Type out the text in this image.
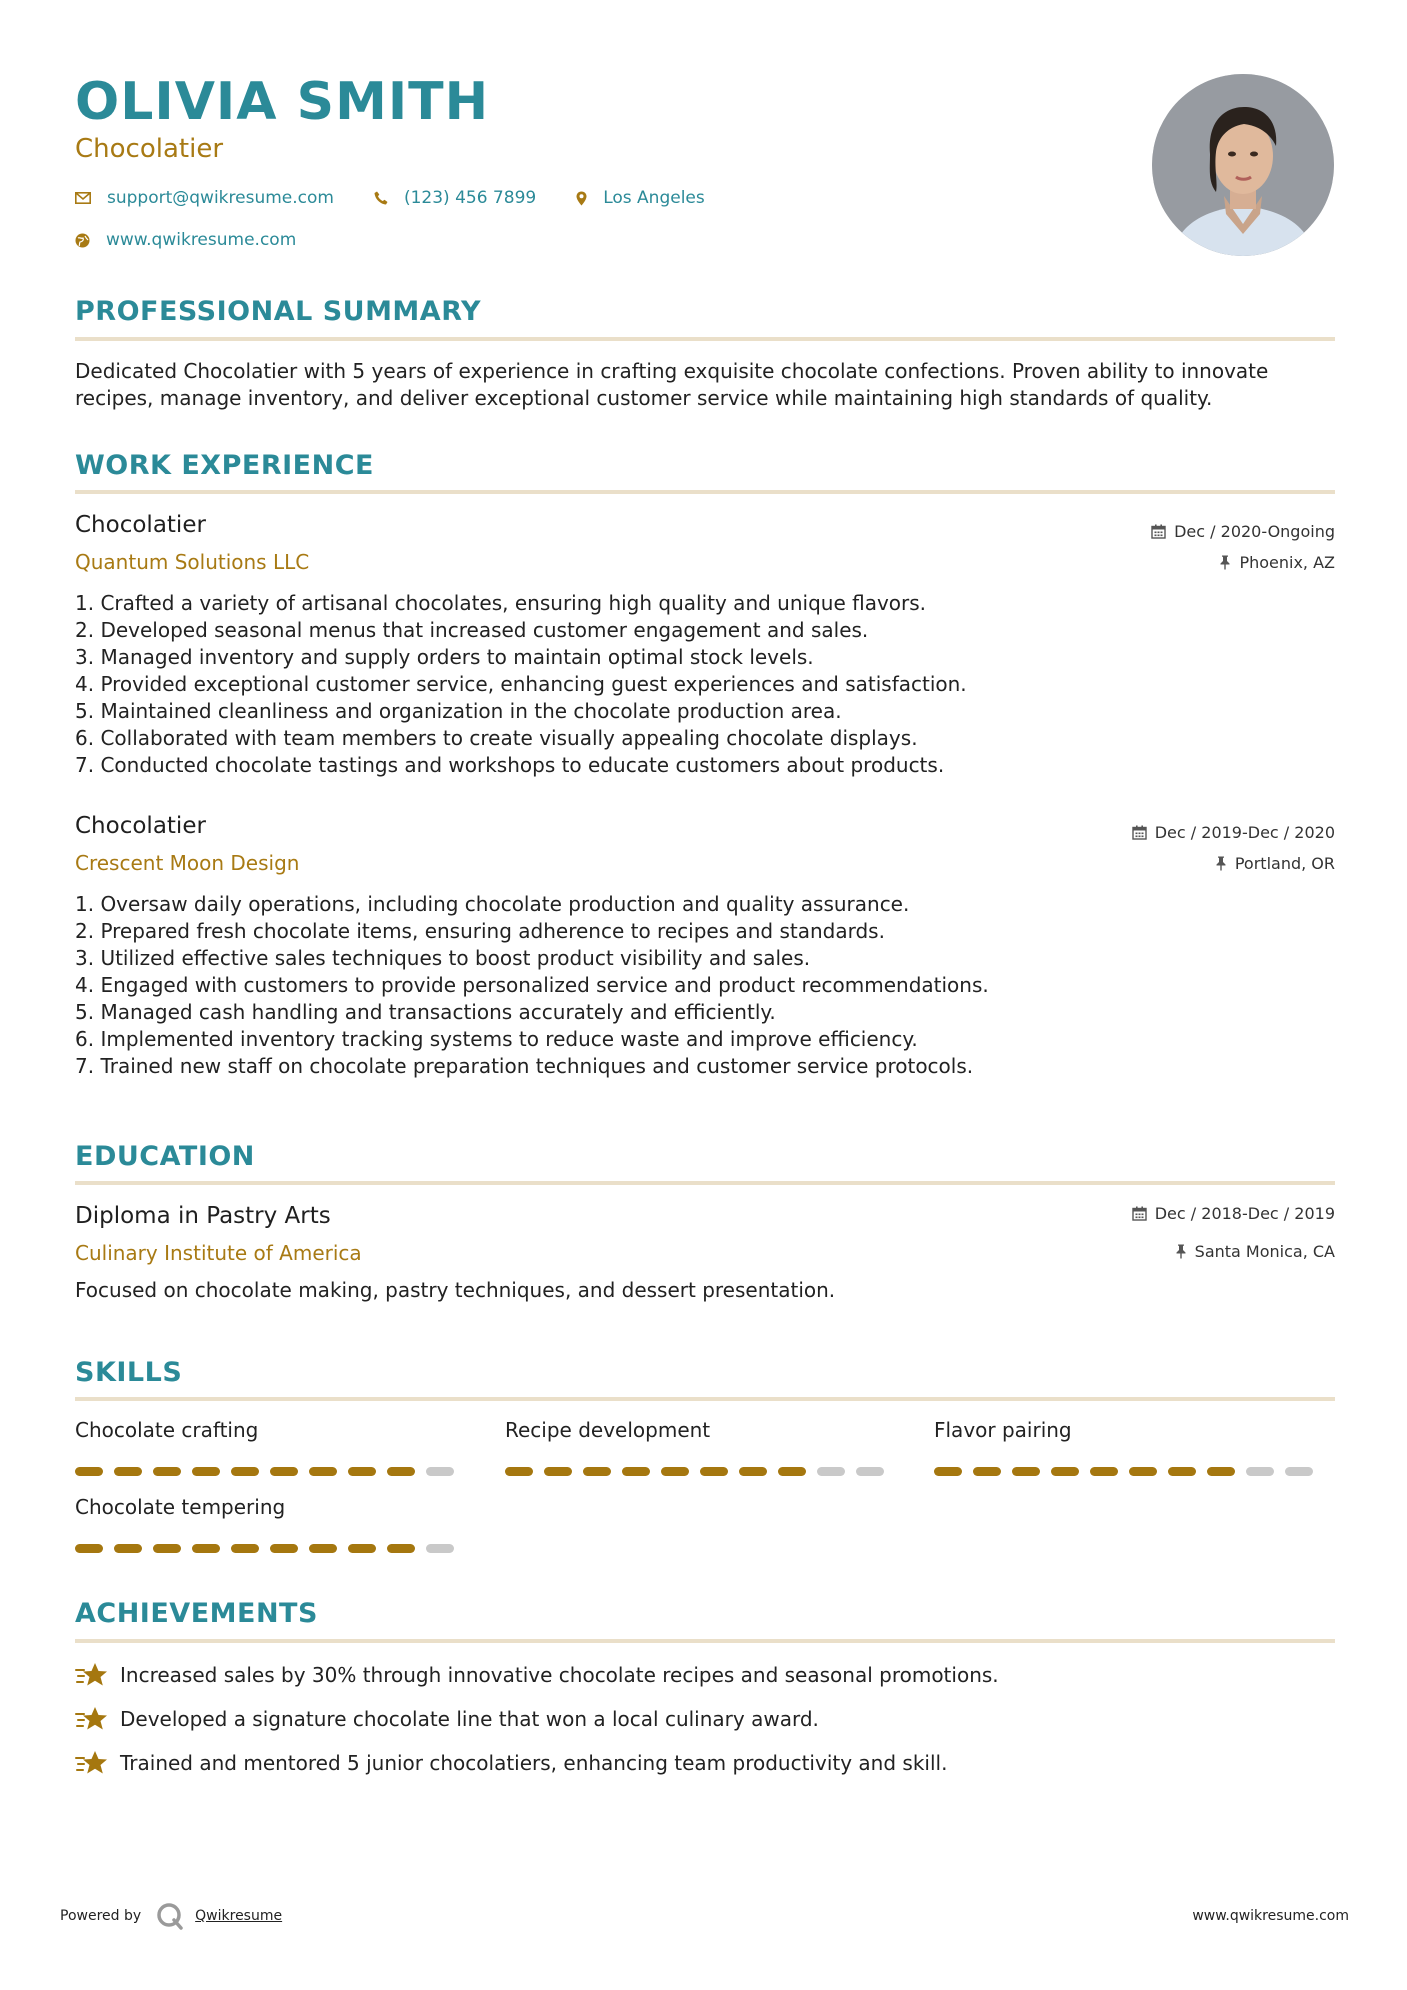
OLIVIA SMITH
Chocolatier
support@qwikresume.com	(123) 456 7899	Los Angeles
www.qwikresume.com
PROFESSIONAL SUMMARY
Dedicated Chocolatier with 5 years of experience in crafting exquisite chocolate confections. Proven ability to innovate recipes, manage inventory, and deliver exceptional customer service while maintaining high standards of quality.
WORK EXPERIENCE
Chocolatier
Quantum Solutions LLC
Dec / 2020-Ongoing
Phoenix, AZ
1. Crafted a variety of artisanal chocolates, ensuring high quality and unique flavors.
2. Developed seasonal menus that increased customer engagement and sales.
3. Managed inventory and supply orders to maintain optimal stock levels.
4. Provided exceptional customer service, enhancing guest experiences and satisfaction.
5. Maintained cleanliness and organization in the chocolate production area.
6. Collaborated with team members to create visually appealing chocolate displays.
7. Conducted chocolate tastings and workshops to educate customers about products.
Chocolatier
Crescent Moon Design
Dec / 2019-Dec / 2020
Portland, OR
1. Oversaw daily operations, including chocolate production and quality assurance.
2. Prepared fresh chocolate items, ensuring adherence to recipes and standards.
3. Utilized effective sales techniques to boost product visibility and sales.
4. Engaged with customers to provide personalized service and product recommendations.
5. Managed cash handling and transactions accurately and efficiently.
6. Implemented inventory tracking systems to reduce waste and improve efficiency.
7. Trained new staff on chocolate preparation techniques and customer service protocols.
EDUCATION
Diploma in Pastry Arts
Culinary Institute of America
Dec / 2018-Dec / 2019
Santa Monica, CA
Focused on chocolate making, pastry techniques, and dessert presentation.
SKILLS
Chocolate crafting	Recipe development	Flavor pairing
Chocolate tempering
ACHIEVEMENTS
Increased sales by 30% through innovative chocolate recipes and seasonal promotions.
Developed a signature chocolate line that won a local culinary award.
Trained and mentored 5 junior chocolatiers, enhancing team productivity and skill.
Powered by	Qwikresume	www.qwikresume.com
